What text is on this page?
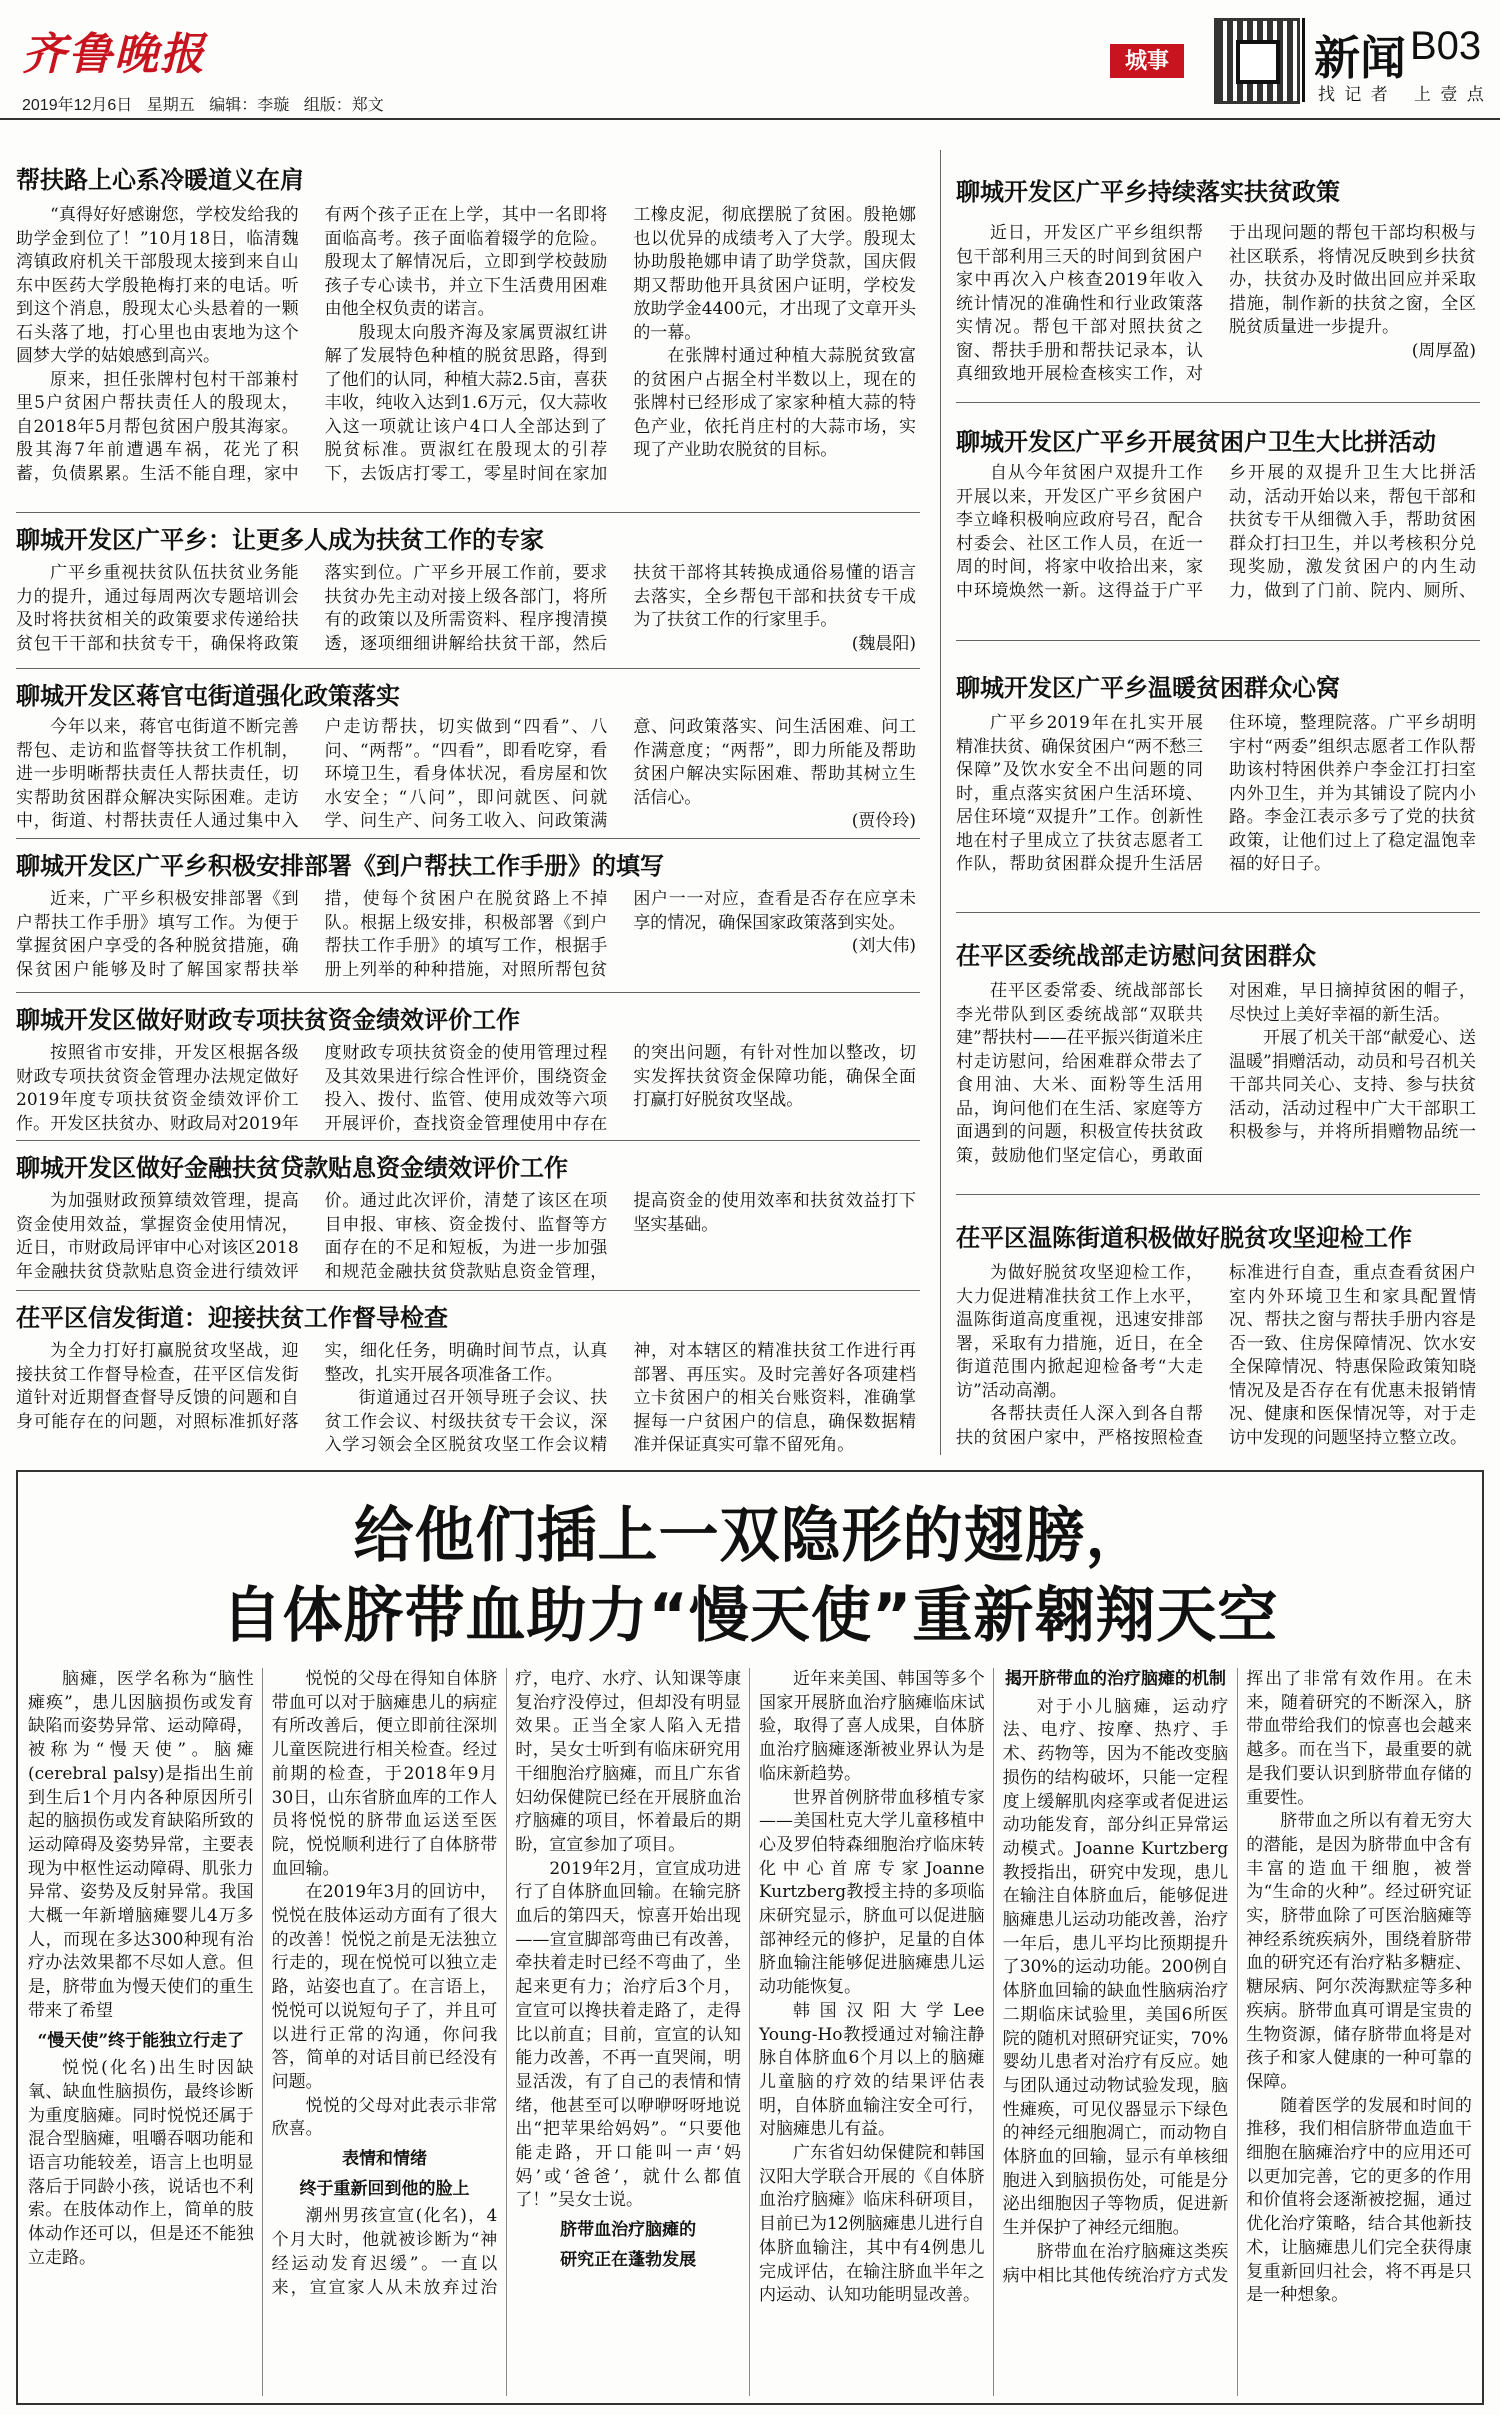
齐鲁晚报
2019年12月6日 星期五 编辑：李璇 组版：郑文
城事	新闻 B03
找 记 者 上 壹 点
帮扶路上心系冷暖道义在肩

“真得好好感谢您，学校发给我的助学金到位了！”10月18日，临清魏湾镇政府机关干部殷现太接到来自山东中医药大学殷艳梅打来的电话。听到这个消息，殷现太心头悬着的一颗石头落了地，打心里也由衷地为这个圆梦大学的姑娘感到高兴。

原来，担任张牌村包村干部兼村里5户贫困户帮扶责任人的殷现太，自2018年5月帮包贫困户殷其海家。殷其海7年前遭遇车祸，花光了积蓄，负债累累。生活不能自理，家中有两个孩子正在上学，其中一名即将面临高考。孩子面临着辍学的危险。殷现太了解情况后，立即到学校鼓励孩子专心读书，并立下生活费用困难由他全权负责的诺言。

殷现太向殷齐海及家属贾淑红讲解了发展特色种植的脱贫思路，得到了他们的认同，种植大蒜2.5亩，喜获丰收，纯收入达到1.6万元，仅大蒜收入这一项就让该户4口人全部达到了脱贫标准。贾淑红在殷现太的引荐下，去饭店打零工，零星时间在家加工橡皮泥，彻底摆脱了贫困。殷艳娜也以优异的成绩考入了大学。殷现太协助殷艳娜申请了助学贷款，国庆假期又帮助他开具贫困户证明，学校发放助学金4400元，才出现了文章开头的一幕。

在张牌村通过种植大蒜脱贫致富的贫困户占据全村半数以上，现在的张牌村已经形成了家家种植大蒜的特色产业，依托肖庄村的大蒜市场，实现了产业助农脱贫的目标。

聊城开发区广平乡：让更多人成为扶贫工作的专家

广平乡重视扶贫队伍扶贫业务能力的提升，通过每周两次专题培训会及时将扶贫相关的政策要求传递给扶贫包干干部和扶贫专干，确保将政策落实到位。广平乡开展工作前，要求扶贫办先主动对接上级各部门，将所有的政策以及所需资料、程序搜清摸透，逐项细细讲解给扶贫干部，然后扶贫干部将其转换成通俗易懂的语言去落实，全乡帮包干部和扶贫专干成为了扶贫工作的行家里手。

(魏晨阳)
聊城开发区蒋官屯街道强化政策落实

今年以来，蒋官屯街道不断完善帮包、走访和监督等扶贫工作机制，进一步明晰帮扶责任人帮扶责任，切实帮助贫困群众解决实际困难。走访中，街道、村帮扶责任人通过集中入户走访帮扶，切实做到“四看”、八问、“两帮”。“四看”，即看吃穿，看环境卫生，看身体状况，看房屋和饮水安全；“八问”，即问就医、问就学、问生产、问务工收入、问政策满意、问政策落实、问生活困难、问工作满意度；“两帮”，即力所能及帮助贫困户解决实际困难、帮助其树立生活信心。

(贾伶玲)
聊城开发区广平乡积极安排部署《到户帮扶工作手册》的填写

近来，广平乡积极安排部署《到户帮扶工作手册》填写工作。为便于掌握贫困户享受的各种脱贫措施，确保贫困户能够及时了解国家帮扶举措，使每个贫困户在脱贫路上不掉队。根据上级安排，积极部署《到户帮扶工作手册》的填写工作，根据手册上列举的种种措施，对照所帮包贫困户一一对应，查看是否存在应享未享的情况，确保国家政策落到实处。

(刘大伟)
聊城开发区做好财政专项扶贫资金绩效评价工作

按照省市安排，开发区根据各级财政专项扶贫资金管理办法规定做好2019年度专项扶贫资金绩效评价工作。开发区扶贫办、财政局对2019年度财政专项扶贫资金的使用管理过程及其效果进行综合性评价，围绕资金投入、拨付、监管、使用成效等六项开展评价，查找资金管理使用中存在的突出问题，有针对性加以整改，切实发挥扶贫资金保障功能，确保全面打赢打好脱贫攻坚战。

聊城开发区做好金融扶贫贷款贴息资金绩效评价工作

为加强财政预算绩效管理，提高资金使用效益，掌握资金使用情况，近日，市财政局评审中心对该区2018年金融扶贫贷款贴息资金进行绩效评价。通过此次评价，清楚了该区在项目申报、审核、资金拨付、监督等方面存在的不足和短板，为进一步加强和规范金融扶贫贷款贴息资金管理，提高资金的使用效率和扶贫效益打下坚实基础。

茌平区信发街道：迎接扶贫工作督导检查

为全力打好打赢脱贫攻坚战，迎接扶贫工作督导检查，茌平区信发街道针对近期督查督导反馈的问题和自身可能存在的问题，对照标准抓好落实，细化任务，明确时间节点，认真整改，扎实开展各项准备工作。

街道通过召开领导班子会议、扶贫工作会议、村级扶贫专干会议，深入学习领会全区脱贫攻坚工作会议精神，对本辖区的精准扶贫工作进行再部署、再压实。及时完善好各项建档立卡贫困户的相关台账资料，准确掌握每一户贫困户的信息，确保数据精准并保证真实可靠不留死角。

聊城开发区广平乡持续落实扶贫政策

近日，开发区广平乡组织帮包干部利用三天的时间到贫困户家中再次入户核查2019年收入统计情况的准确性和行业政策落实情况。帮包干部对照扶贫之窗、帮扶手册和帮扶记录本，认真细致地开展检查核实工作，对于出现问题的帮包干部均积极与社区联系，将情况反映到乡扶贫办，扶贫办及时做出回应并采取措施，制作新的扶贫之窗，全区脱贫质量进一步提升。

(周厚盈)
聊城开发区广平乡开展贫困户卫生大比拼活动

自从今年贫困户双提升工作开展以来，开发区广平乡贫困户李立峰积极响应政府号召，配合村委会、社区工作人员，在近一周的时间，将家中收拾出来，家中环境焕然一新。这得益于广平乡开展的双提升卫生大比拼活动，活动开始以来，帮包干部和扶贫专干从细微入手，帮助贫困群众打扫卫生，并以考核积分兑现奖励，激发贫困户的内生动力，做到了门前、院内、厕所、

聊城开发区广平乡温暖贫困群众心窝

广平乡2019年在扎实开展精准扶贫、确保贫困户“两不愁三保障”及饮水安全不出问题的同时，重点落实贫困户生活环境、居住环境“双提升”工作。创新性地在村子里成立了扶贫志愿者工作队，帮助贫困群众提升生活居住环境，整理院落。广平乡胡明宇村“两委”组织志愿者工作队帮助该村特困供养户李金江打扫室内外卫生，并为其铺设了院内小路。李金江表示多亏了党的扶贫政策，让他们过上了稳定温饱幸福的好日子。

茌平区委统战部走访慰问贫困群众

茌平区委常委、统战部部长李光带队到区委统战部“双联共建”帮扶村——茌平振兴街道米庄村走访慰问，给困难群众带去了食用油、大米、面粉等生活用品，询问他们在生活、家庭等方面遇到的问题，积极宣传扶贫政策，鼓励他们坚定信心，勇敢面对困难，早日摘掉贫困的帽子，尽快过上美好幸福的新生活。

开展了机关干部“献爱心、送温暖”捐赠活动，动员和号召机关干部共同关心、支持、参与扶贫活动，活动过程中广大干部职工积极参与，并将所捐赠物品统一

茌平区温陈街道积极做好脱贫攻坚迎检工作

为做好脱贫攻坚迎检工作，大力促进精准扶贫工作上水平，温陈街道高度重视，迅速安排部署，采取有力措施，近日，在全街道范围内掀起迎检备考“大走访”活动高潮。

各帮扶责任人深入到各自帮扶的贫困户家中，严格按照检查标准进行自查，重点查看贫困户室内外环境卫生和家具配置情况、帮扶之窗与帮扶手册内容是否一致、住房保障情况、饮水安全保障情况、特惠保险政策知晓情况及是否存在有优惠未报销情况、健康和医保情况等，对于走访中发现的问题坚持立整立改。

给他们插上一双隐形的翅膀，
自体脐带血助力“慢天使”重新翱翔天空

脑瘫，医学名称为“脑性瘫痪”，患儿因脑损伤或发育缺陷而姿势异常、运动障碍，被称为“慢天使”。脑瘫(cerebral palsy)是指出生前到生后1个月内各种原因所引起的脑损伤或发育缺陷所致的运动障碍及姿势异常，主要表现为中枢性运动障碍、肌张力异常、姿势及反射异常。我国大概一年新增脑瘫婴儿4万多人，而现在多达300种现有治疗办法效果都不尽如人意。但是，脐带血为慢天使们的重生带来了希望

“慢天使”终于能独立行走了

悦悦(化名)出生时因缺氧、缺血性脑损伤，最终诊断为重度脑瘫。同时悦悦还属于混合型脑瘫，咀嚼吞咽功能和语言功能较差，语言上也明显落后于同龄小孩，说话也不利索。在肢体动作上，简单的肢体动作还可以，但是还不能独立走路。

悦悦的父母在得知自体脐带血可以对于脑瘫患儿的病症有所改善后，便立即前往深圳儿童医院进行相关检查。经过前期的检查，于2018年9月30日，山东省脐血库的工作人员将悦悦的脐带血运送至医院，悦悦顺利进行了自体脐带血回输。

在2019年3月的回访中，悦悦在肢体运动方面有了很大的改善！悦悦之前是无法独立行走的，现在悦悦可以独立走路，站姿也直了。在言语上，悦悦可以说短句子了，并且可以进行正常的沟通，你问我答，简单的对话目前已经没有问题。

悦悦的父母对此表示非常欣喜。

表情和情绪

终于重新回到他的脸上

潮州男孩宣宣(化名)，4个月大时，他就被诊断为“神经运动发育迟缓”。一直以来，宣宣家人从未放弃过治疗，电疗、水疗、认知课等康复治疗没停过，但却没有明显效果。正当全家人陷入无措时，吴女士听到有临床研究用干细胞治疗脑瘫，而且广东省妇幼保健院已经在开展脐血治疗脑瘫的项目，怀着最后的期盼，宣宣参加了项目。

2019年2月，宣宣成功进行了自体脐血回输。在输完脐血后的第四天，惊喜开始出现——宣宣脚部弯曲已有改善，牵扶着走时已经不弯曲了，坐起来更有力；治疗后3个月，宣宣可以搀扶着走路了，走得比以前直；目前，宣宣的认知能力改善，不再一直哭闹，明显活泼，有了自己的表情和情绪，他甚至可以咿咿呀呀地说出“把苹果给妈妈”。“只要他能走路，开口能叫一声‘妈妈’或‘爸爸’，就什么都值了！”吴女士说。

脐带血治疗脑瘫的

研究正在蓬勃发展

近年来美国、韩国等多个国家开展脐血治疗脑瘫临床试验，取得了喜人成果，自体脐血治疗脑瘫逐渐被业界认为是临床新趋势。

世界首例脐带血移植专家——美国杜克大学儿童移植中心及罗伯特森细胞治疗临床转化中心首席专家Joanne Kurtzberg教授主持的多项临床研究显示，脐血可以促进脑部神经元的修护，足量的自体脐血输注能够促进脑瘫患儿运动功能恢复。

韩国汉阳大学Lee Young-Ho教授通过对输注静脉自体脐血6个月以上的脑瘫儿童脑的疗效的结果评估表明，自体脐血输注安全可行，对脑瘫患儿有益。

广东省妇幼保健院和韩国汉阳大学联合开展的《自体脐血治疗脑瘫》临床科研项目，目前已为12例脑瘫患儿进行自体脐血输注，其中有4例患儿完成评估，在输注脐血半年之内运动、认知功能明显改善。

揭开脐带血的治疗脑瘫的机制

对于小儿脑瘫，运动疗法、电疗、按摩、热疗、手术、药物等，因为不能改变脑损伤的结构破坏，只能一定程度上缓解肌肉痉挛或者促进运动功能发育，部分纠正异常运动模式。Joanne Kurtzberg教授指出，研究中发现，患儿在输注自体脐血后，能够促进脑瘫患儿运动功能改善，治疗一年后，患儿平均比预期提升了30%的运动功能。200例自体脐血回输的缺血性脑病治疗二期临床试验里，美国6所医院的随机对照研究证实，70%婴幼儿患者对治疗有反应。她与团队通过动物试验发现，脑性瘫痪，可见仪器显示下绿色的神经元细胞凋亡，而动物自体脐血的回输，显示有单核细胞进入到脑损伤处，可能是分泌出细胞因子等物质，促进新生并保护了神经元细胞。

脐带血在治疗脑瘫这类疾病中相比其他传统治疗方式发挥出了非常有效作用。在未来，随着研究的不断深入，脐带血带给我们的惊喜也会越来越多。而在当下，最重要的就是我们要认识到脐带血存储的重要性。

脐带血之所以有着无穷大的潜能，是因为脐带血中含有丰富的造血干细胞，被誉为“生命的火种”。经过研究证实，脐带血除了可医治脑瘫等神经系统疾病外，围绕着脐带血的研究还有治疗粘多糖症、糖尿病、阿尔茨海默症等多种疾病。脐带血真可谓是宝贵的生物资源，储存脐带血将是对孩子和家人健康的一种可靠的保障。

随着医学的发展和时间的推移，我们相信脐带血造血干细胞在脑瘫治疗中的应用还可以更加完善，它的更多的作用和价值将会逐渐被挖掘，通过优化治疗策略，结合其他新技术，让脑瘫患儿们完全获得康复重新回归社会，将不再是只是一种想象。
